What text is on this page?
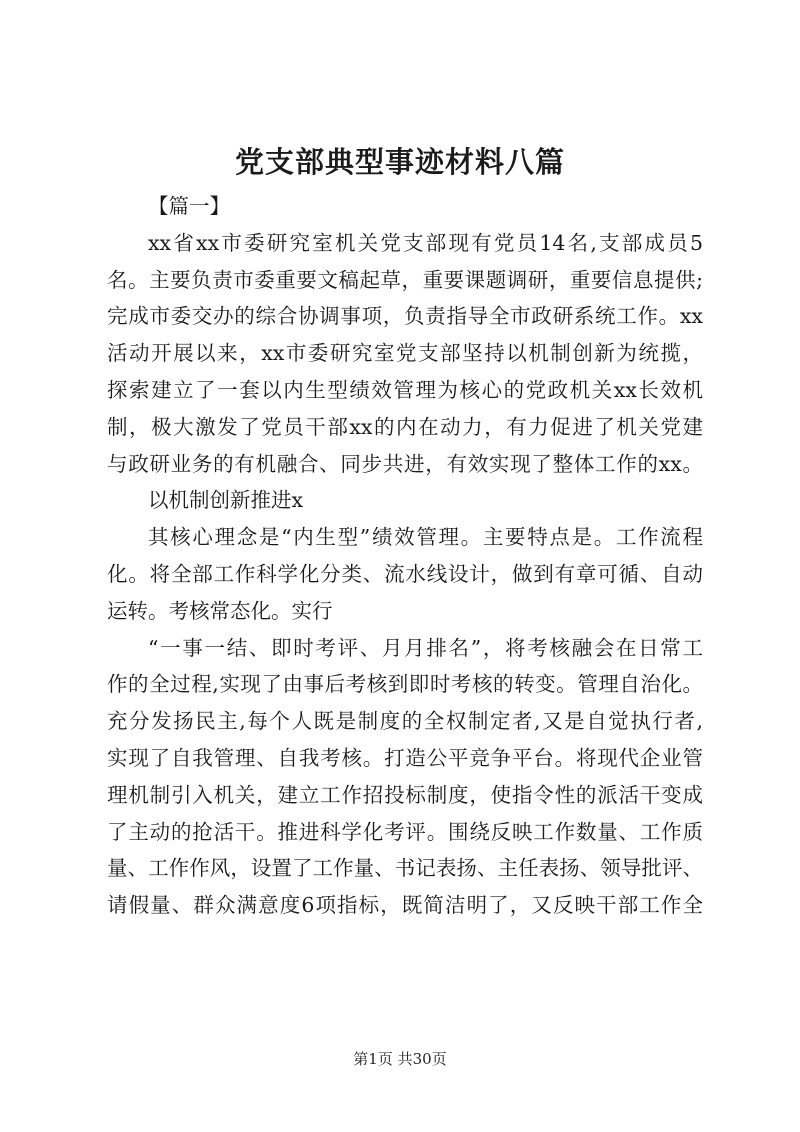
党支部典型事迹材料八篇
【篇一】
xx省xx市委研究室机关党支部现有党员14名,支部成员5
名。主要负责市委重要文稿起草，重要课题调研，重要信息提供;
完成市委交办的综合协调事项，负责指导全市政研系统工作。xx
活动开展以来，xx市委研究室党支部坚持以机制创新为统揽，
探索建立了一套以内生型绩效管理为核心的党政机关xx长效机
制，极大激发了党员干部xx的内在动力，有力促进了机关党建
与政研业务的有机融合、同步共进，有效实现了整体工作的xx。
以机制创新推进x
其核心理念是“内生型”绩效管理。主要特点是。工作流程
化。将全部工作科学化分类、流水线设计，做到有章可循、自动
运转。考核常态化。实行
“一事一结、即时考评、月月排名”，将考核融会在日常工
作的全过程,实现了由事后考核到即时考核的转变。管理自治化。
充分发扬民主,每个人既是制度的全权制定者,又是自觉执行者,
实现了自我管理、自我考核。打造公平竞争平台。将现代企业管
理机制引入机关，建立工作招投标制度，使指令性的派活干变成
了主动的抢活干。推进科学化考评。围绕反映工作数量、工作质
量、工作作风，设置了工作量、书记表扬、主任表扬、领导批评、
请假量、群众满意度6项指标，既简洁明了，又反映干部工作全
第1页 共30页
